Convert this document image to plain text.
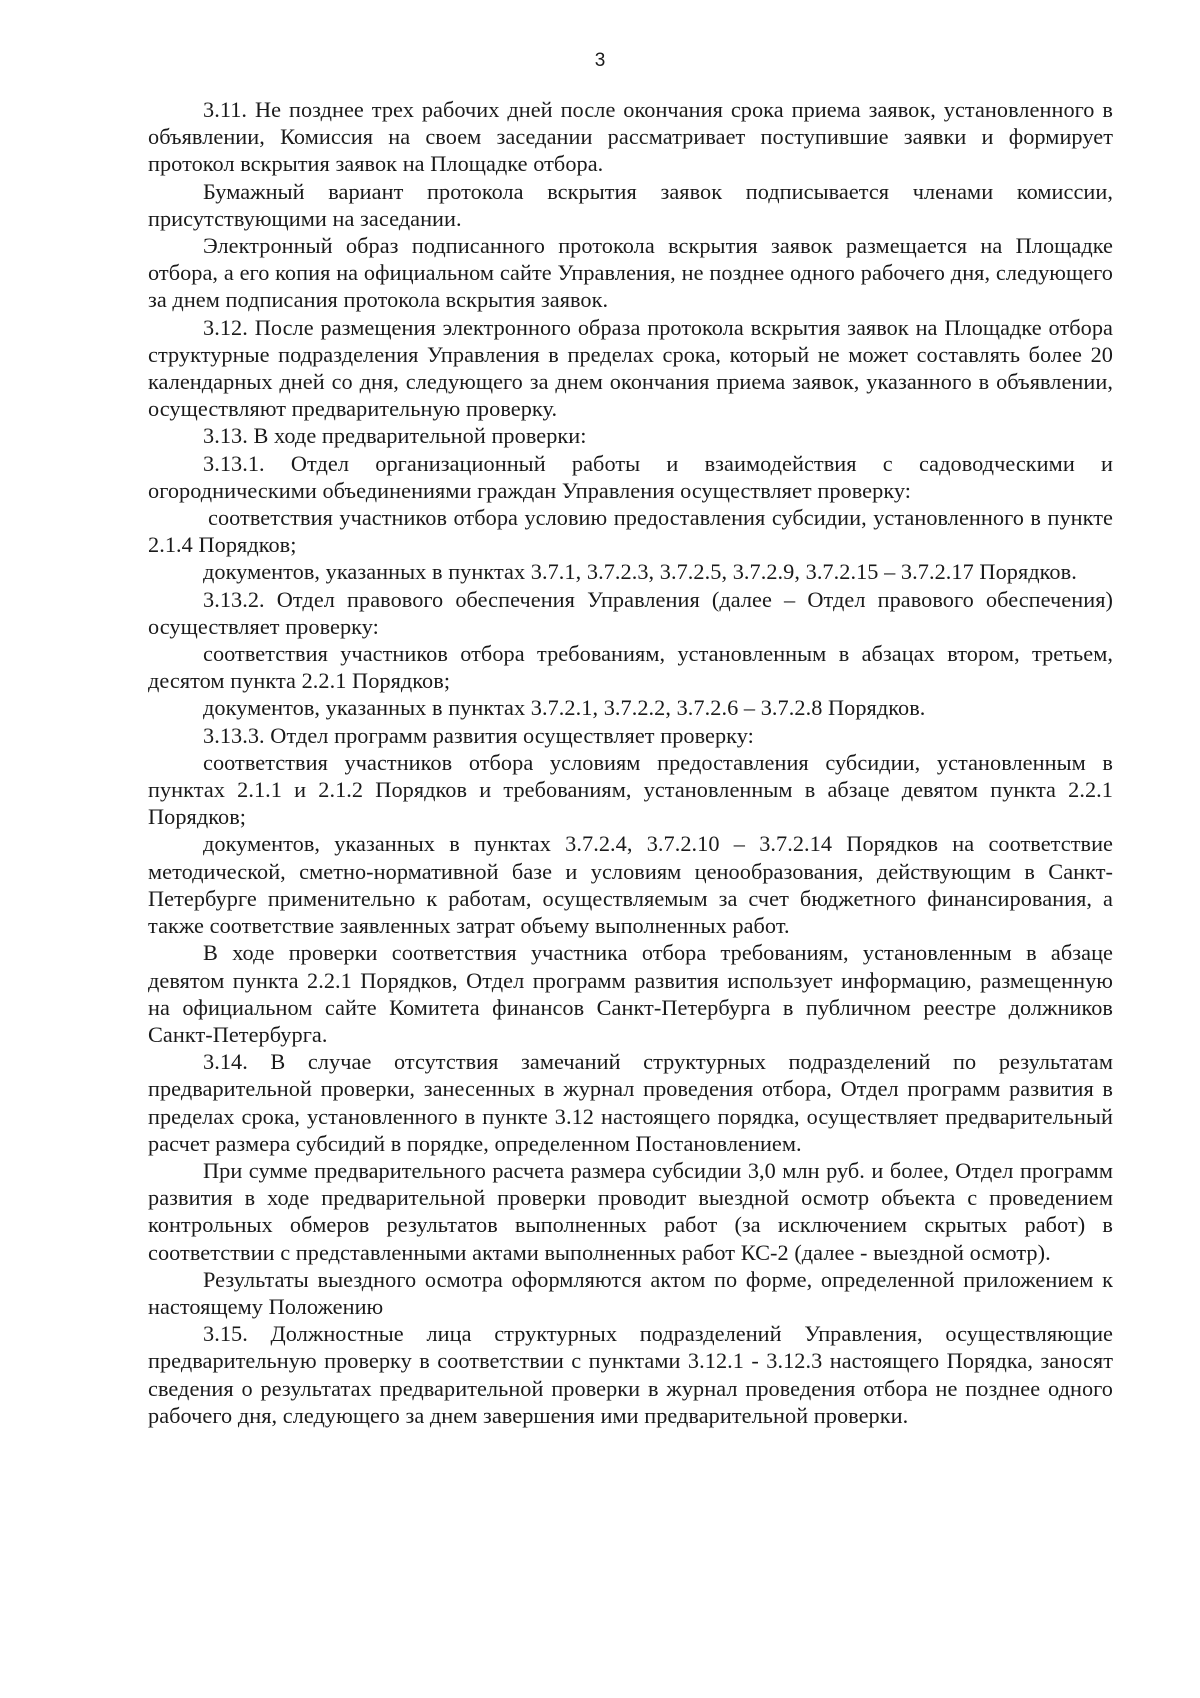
3

3.11. Не позднее трех рабочих дней после окончания срока приема заявок, установленного в объявлении, Комиссия на своем заседании рассматривает поступившие заявки и формирует протокол вскрытия заявок на Площадке отбора.

Бумажный вариант протокола вскрытия заявок подписывается членами комиссии, присутствующими на заседании.

Электронный образ подписанного протокола вскрытия заявок размещается на Площадке отбора, а его копия на официальном сайте Управления, не позднее одного рабочего дня, следующего за днем подписания протокола вскрытия заявок.

3.12. После размещения электронного образа протокола вскрытия заявок на Площадке отбора структурные подразделения Управления в пределах срока, который не может составлять более 20 календарных дней со дня, следующего за днем окончания приема заявок, указанного в объявлении, осуществляют предварительную проверку.

3.13. В ходе предварительной проверки:

3.13.1. Отдел организационный работы и взаимодействия с садоводческими и огородническими объединениями граждан Управления осуществляет проверку:

соответствия участников отбора условию предоставления субсидии, установленного в пункте 2.1.4 Порядков;

документов, указанных в пунктах 3.7.1, 3.7.2.3, 3.7.2.5, 3.7.2.9, 3.7.2.15 – 3.7.2.17 Порядков.

3.13.2. Отдел правового обеспечения Управления (далее – Отдел правового обеспечения) осуществляет проверку:

соответствия участников отбора требованиям, установленным в абзацах втором, третьем, десятом пункта 2.2.1 Порядков;

документов, указанных в пунктах 3.7.2.1, 3.7.2.2, 3.7.2.6 – 3.7.2.8 Порядков.

3.13.3. Отдел программ развития осуществляет проверку:

соответствия участников отбора условиям предоставления субсидии, установленным в пунктах 2.1.1 и 2.1.2 Порядков и требованиям, установленным в абзаце девятом пункта 2.2.1 Порядков;

документов, указанных в пунктах 3.7.2.4, 3.7.2.10 – 3.7.2.14 Порядков на соответствие методической, сметно-нормативной базе и условиям ценообразования, действующим в Санкт-Петербурге применительно к работам, осуществляемым за счет бюджетного финансирования, а также соответствие заявленных затрат объему выполненных работ.

В ходе проверки соответствия участника отбора требованиям, установленным в абзаце девятом пункта 2.2.1 Порядков, Отдел программ развития использует информацию, размещенную на официальном сайте Комитета финансов Санкт-Петербурга в публичном реестре должников Санкт-Петербурга.

3.14. В случае отсутствия замечаний структурных подразделений по результатам предварительной проверки, занесенных в журнал проведения отбора, Отдел программ развития в пределах срока, установленного в пункте 3.12 настоящего порядка, осуществляет предварительный расчет размера субсидий в порядке, определенном Постановлением.

При сумме предварительного расчета размера субсидии 3,0 млн руб. и более, Отдел программ развития в ходе предварительной проверки проводит выездной осмотр объекта с проведением контрольных обмеров результатов выполненных работ (за исключением скрытых работ) в соответствии с представленными актами выполненных работ КС-2 (далее - выездной осмотр).

Результаты выездного осмотра оформляются актом по форме, определенной приложением к настоящему Положению

3.15. Должностные лица структурных подразделений Управления, осуществляющие предварительную проверку в соответствии с пунктами 3.12.1 - 3.12.3 настоящего Порядка, заносят сведения о результатах предварительной проверки в журнал проведения отбора не позднее одного рабочего дня, следующего за днем завершения ими предварительной проверки.
